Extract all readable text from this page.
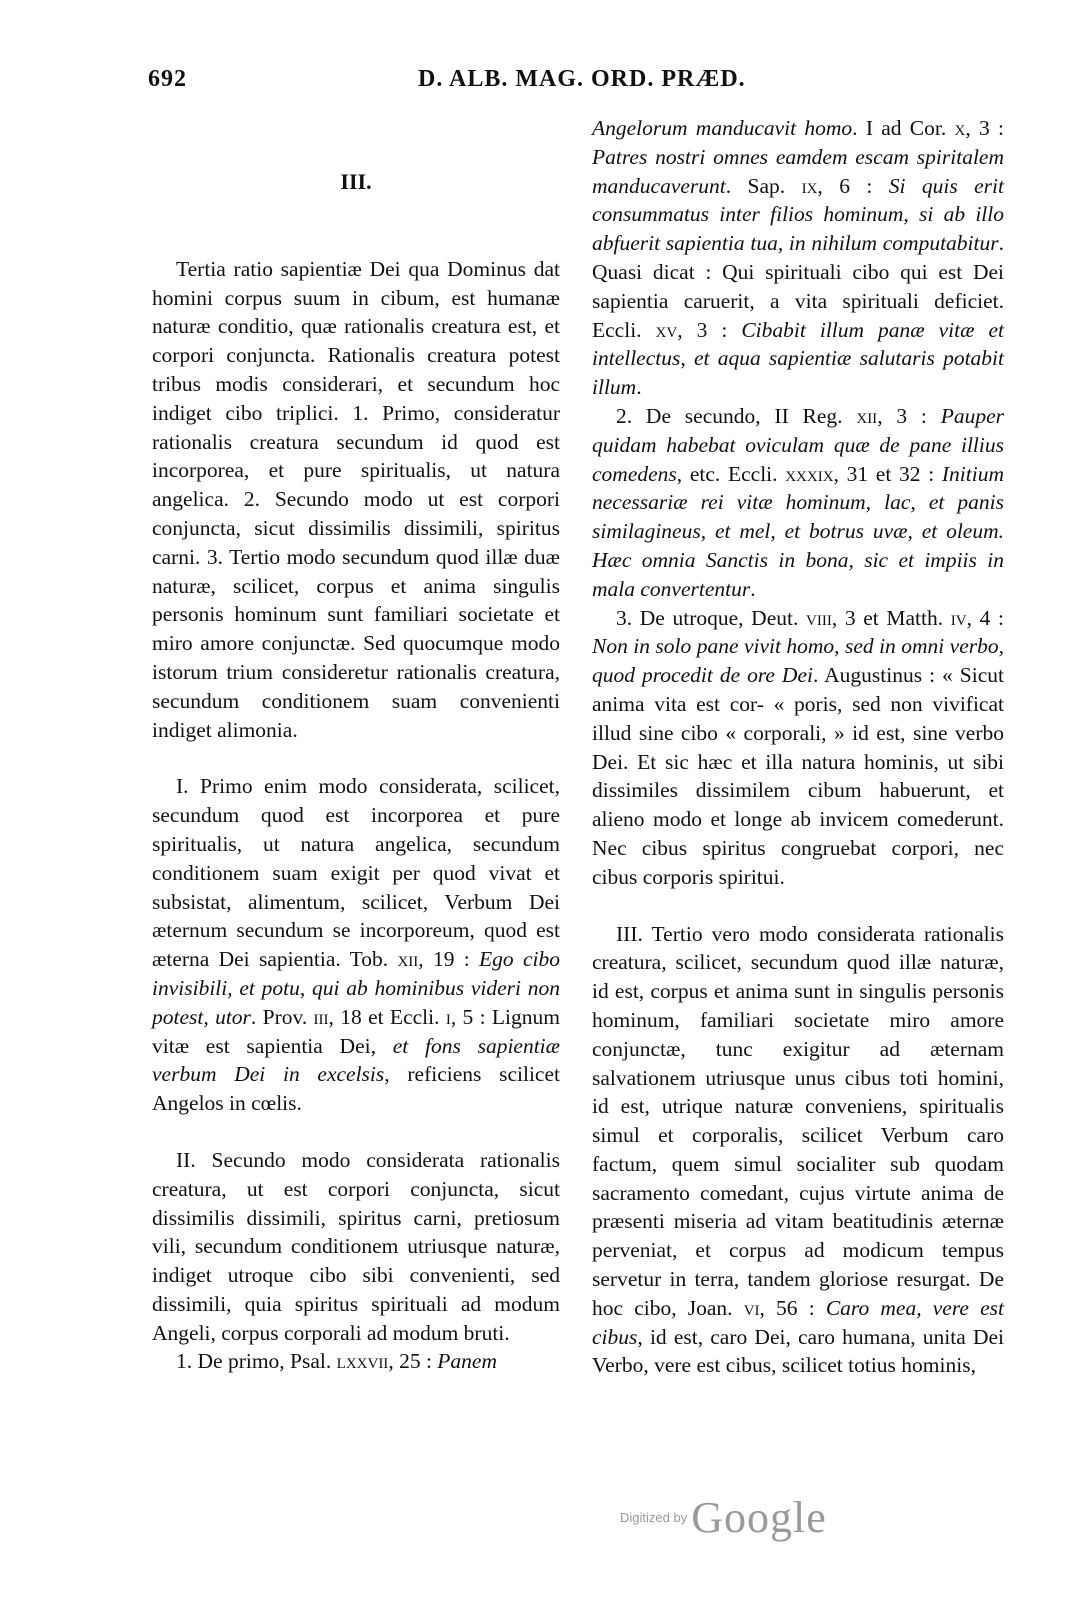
692	D. ALB. MAG. ORD. PRÆD.
III.

Tertia ratio sapientiæ Dei qua Dominus dat homini corpus suum in cibum, est humanæ naturæ conditio, quæ rationalis creatura est, et corpori conjuncta. Rationalis creatura potest tribus modis considerari, et secundum hoc indiget cibo triplici. 1. Primo, consideratur rationalis creatura secundum id quod est incorporea, et pure spiritualis, ut natura angelica. 2. Secundo modo ut est corpori conjuncta, sicut dissimilis dissimili, spiritus carni. 3. Tertio modo secundum quod illæ duæ naturæ, scilicet, corpus et anima singulis personis hominum sunt familiari societate et miro amore conjunctæ. Sed quocumque modo istorum trium consideretur rationalis creatura, secundum conditionem suam convenienti indiget alimonia.

I. Primo enim modo considerata, scilicet, secundum quod est incorporea et pure spiritualis, ut natura angelica, secundum conditionem suam exigit per quod vivat et subsistat, alimentum, scilicet, Verbum Dei æternum secundum se incorporeum, quod est æterna Dei sapientia. Tob. xii, 19 : Ego cibo invisibili, et potu, qui ab hominibus videri non potest, utor. Prov. iii, 18 et Eccli. i, 5 : Lignum vitæ est sapientia Dei, et fons sapientiæ verbum Dei in excelsis, reficiens scilicet Angelos in cœlis.

II. Secundo modo considerata rationalis creatura, ut est corpori conjuncta, sicut dissimilis dissimili, spiritus carni, pretiosum vili, secundum conditionem utriusque naturæ, indiget utroque cibo sibi convenienti, sed dissimili, quia spiritus spirituali ad modum Angeli, corpus corporali ad modum bruti.

1. De primo, Psal. lxxvii, 25 : Panem

Angelorum manducavit homo. I ad Cor. x, 3 : Patres nostri omnes eamdem escam spiritalem manducaverunt. Sap. ix, 6 : Si quis erit consummatus inter filios hominum, si ab illo abfuerit sapientia tua, in nihilum computabitur. Quasi dicat : Qui spirituali cibo qui est Dei sapientia caruerit, a vita spirituali deficiet. Eccli. xv, 3 : Cibabit illum panæ vitæ et intellectus, et aqua sapientiæ salutaris potabit illum.

2. De secundo, II Reg. xii, 3 : Pauper quidam habebat oviculam quæ de pane illius comedens, etc. Eccli. xxxix, 31 et 32 : Initium necessariæ rei vitæ hominum, lac, et panis similagineus, et mel, et botrus uvæ, et oleum. Hæc omnia Sanctis in bona, sic et impiis in mala convertentur.

3. De utroque, Deut. viii, 3 et Matth. iv, 4 : Non in solo pane vivit homo, sed in omni verbo, quod procedit de ore Dei. Augustinus : « Sicut anima vita est cor- « poris, sed non vivificat illud sine cibo « corporali, » id est, sine verbo Dei. Et sic hæc et illa natura hominis, ut sibi dissimiles dissimilem cibum habuerunt, et alieno modo et longe ab invicem comederunt. Nec cibus spiritus congruebat corpori, nec cibus corporis spiritui.

III. Tertio vero modo considerata rationalis creatura, scilicet, secundum quod illæ naturæ, id est, corpus et anima sunt in singulis personis hominum, familiari societate miro amore conjunctæ, tunc exigitur ad æternam salvationem utriusque unus cibus toti homini, id est, utrique naturæ conveniens, spiritualis simul et corporalis, scilicet Verbum caro factum, quem simul socialiter sub quodam sacramento comedant, cujus virtute anima de præsenti miseria ad vitam beatitudinis æternæ perveniat, et corpus ad modicum tempus servetur in terra, tandem gloriose resurgat. De hoc cibo, Joan. vi, 56 : Caro mea, vere est cibus, id est, caro Dei, caro humana, unita Dei Verbo, vere est cibus, scilicet totius hominis,

Digitized by Google
